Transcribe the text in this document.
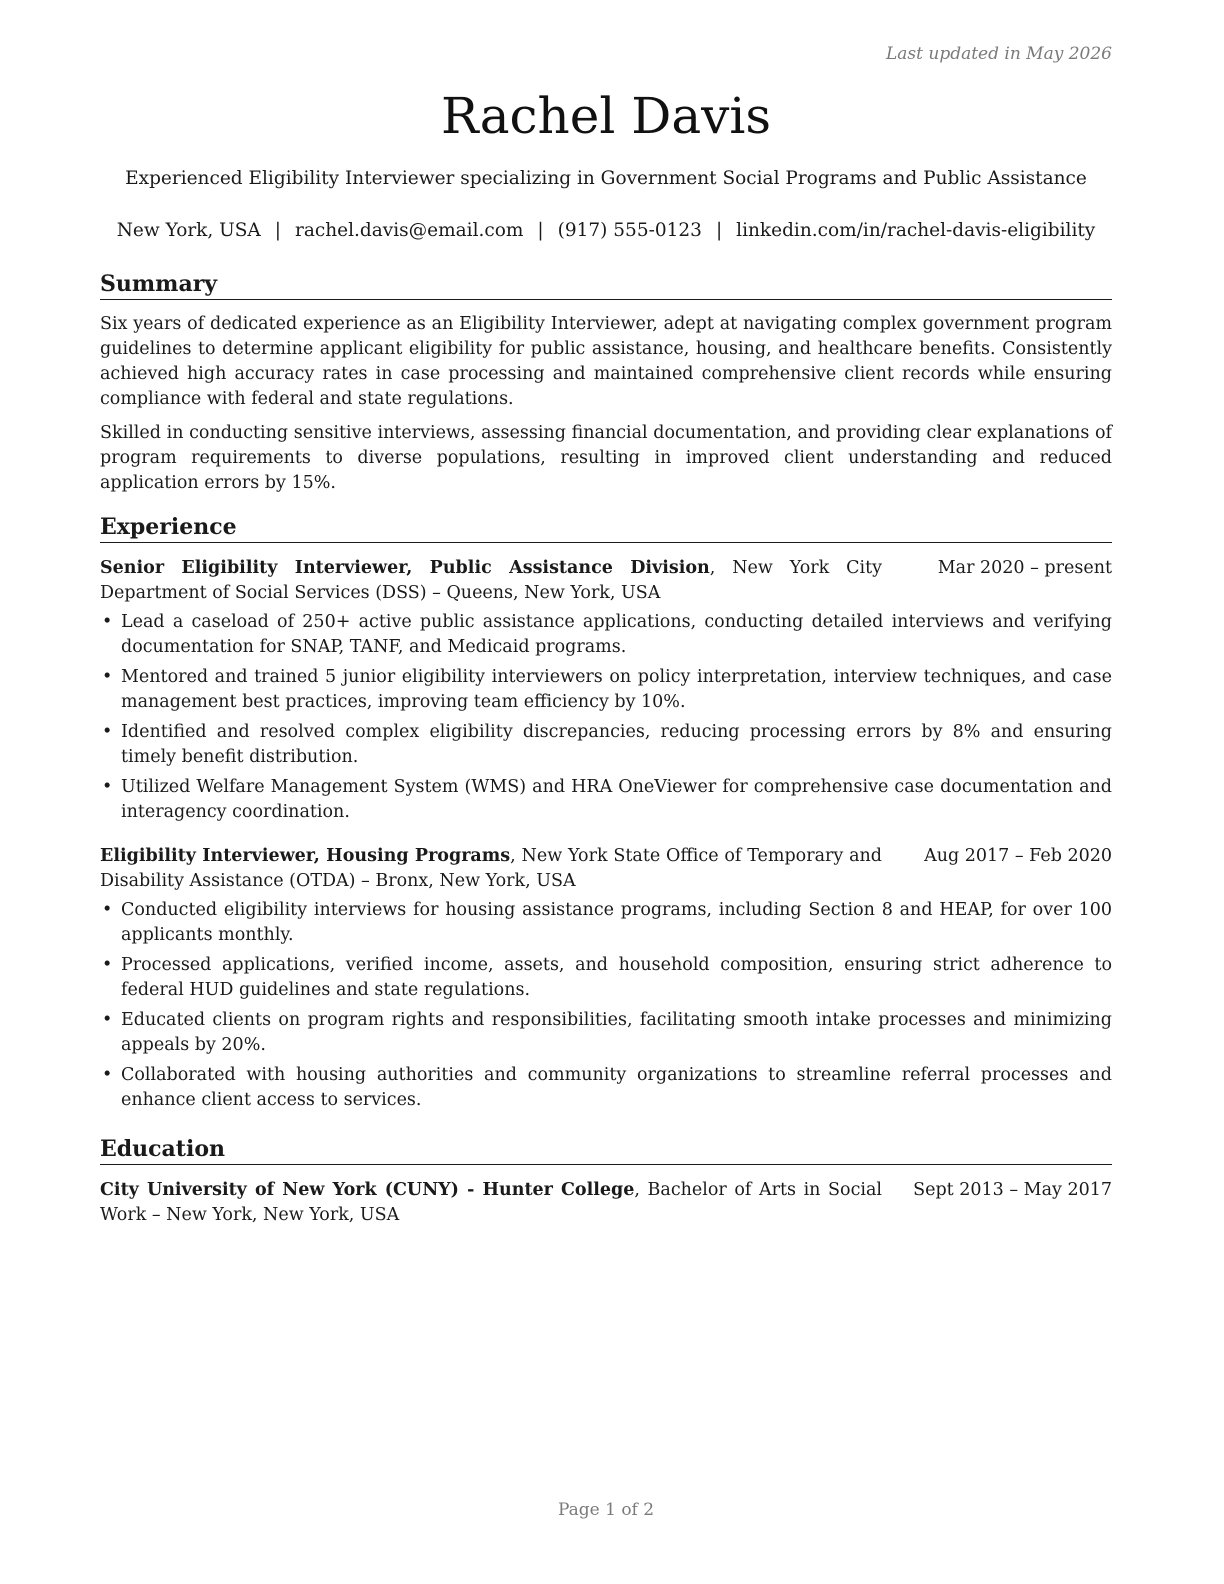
Last updated in May 2026
Rachel Davis
Experienced Eligibility Interviewer specializing in Government Social Programs and Public Assistance
New York, USA | rachel.davis@email.com | (917) 555-0123 | linkedin.com/in/rachel-davis-eligibility
Summary

Six years of dedicated experience as an Eligibility Interviewer, adept at navigating complex government program guidelines to determine applicant eligibility for public assistance, housing, and healthcare benefits. Consistently achieved high accuracy rates in case processing and maintained comprehensive client records while ensuring compliance with federal and state regulations.

Skilled in conducting sensitive interviews, assessing financial documentation, and providing clear explanations of program requirements to diverse populations, resulting in improved client understanding and reduced application errors by 15%.

Experience
Senior Eligibility Interviewer, Public Assistance Division, New York City Department of Social Services (DSS) – Queens, New York, USA
Mar 2020 – present
• Lead a caseload of 250+ active public assistance applications, conducting detailed interviews and verifying documentation for SNAP, TANF, and Medicaid programs.
• Mentored and trained 5 junior eligibility interviewers on policy interpretation, interview techniques, and case management best practices, improving team efficiency by 10%.
• Identified and resolved complex eligibility discrepancies, reducing processing errors by 8% and ensuring timely benefit distribution.
• Utilized Welfare Management System (WMS) and HRA OneViewer for comprehensive case documentation and interagency coordination.
Eligibility Interviewer, Housing Programs, New York State Office of Temporary and Disability Assistance (OTDA) – Bronx, New York, USA
Aug 2017 – Feb 2020
• Conducted eligibility interviews for housing assistance programs, including Section 8 and HEAP, for over 100 applicants monthly.
• Processed applications, verified income, assets, and household composition, ensuring strict adherence to federal HUD guidelines and state regulations.
• Educated clients on program rights and responsibilities, facilitating smooth intake processes and minimizing appeals by 20%.
• Collaborated with housing authorities and community organizations to streamline referral processes and enhance client access to services.
Education
City University of New York (CUNY) - Hunter College, Bachelor of Arts in Social Work – New York, New York, USA
Sept 2013 – May 2017
Page 1 of 2
